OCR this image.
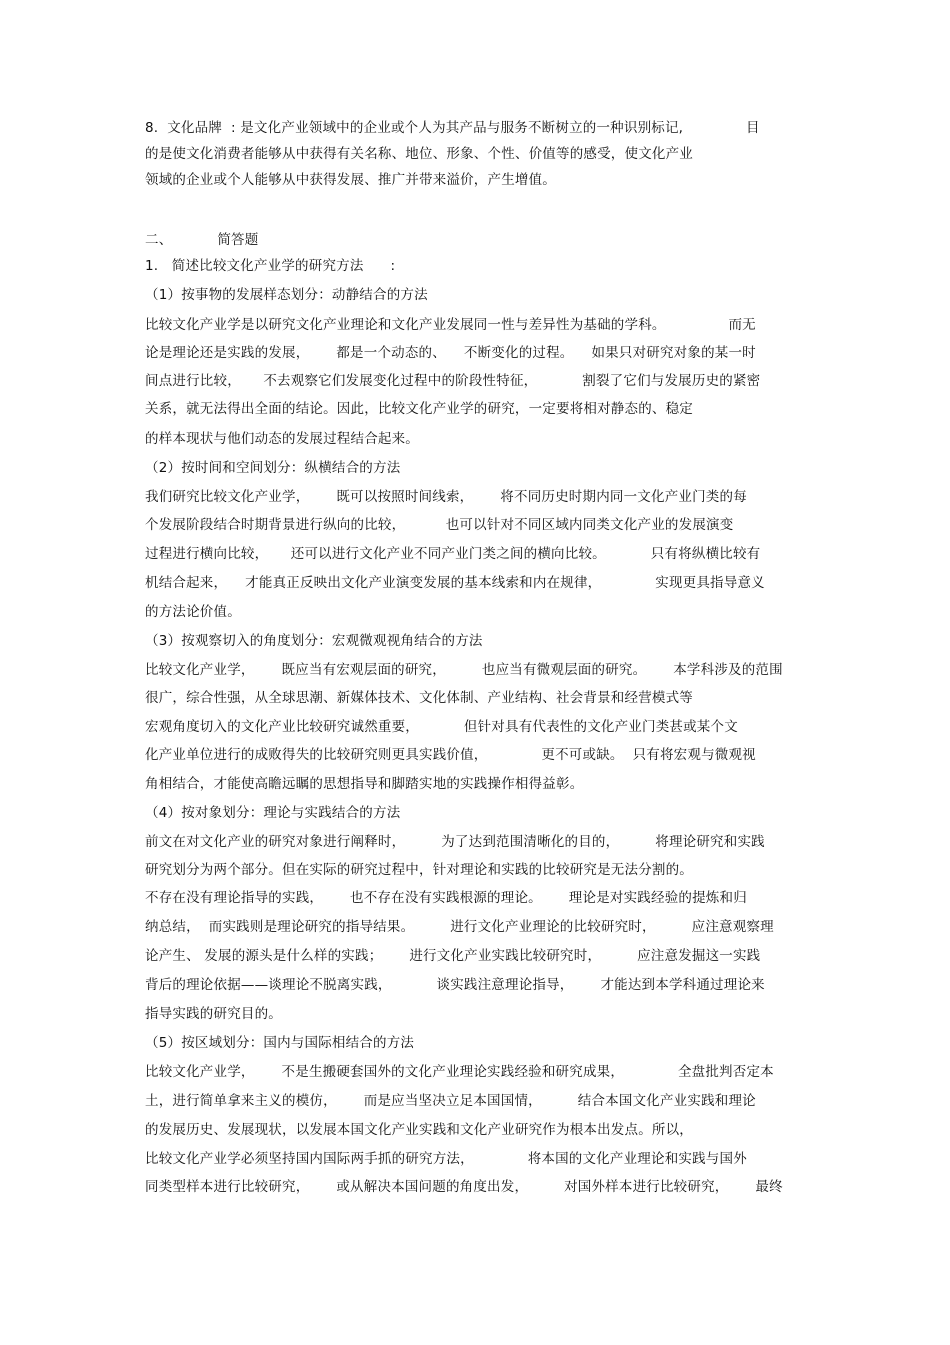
8.  文化品牌  : 是文化产业领域中的企业或个人为其产品与服务不断树立的一种识别标记,              目

的是使文化消费者能够从中获得有关名称、地位、形象、个性、价值等的感受，使文化产业

领域的企业或个人能够从中获得发展、推广并带来溢价，产生增值。

二、          简答题

1.   简述比较文化产业学的研究方法      :

（1）按事物的发展样态划分：动静结合的方法

比较文化产业学是以研究文化产业理论和文化产业发展同一性与差异性为基础的学科。              而无

论是理论还是实践的发展，      都是一个动态的、    不断变化的过程。    如果只对研究对象的某一时

间点进行比较，     不去观察它们发展变化过程中的阶段性特征，          割裂了它们与发展历史的紧密

关系，就无法得出全面的结论。因此，比较文化产业学的研究，一定要将相对静态的、稳定

的样本现状与他们动态的发展过程结合起来。

（2）按时间和空间划分：纵横结合的方法

我们研究比较文化产业学，      既可以按照时间线索，      将不同历史时期内同一文化产业门类的每

个发展阶段结合时期背景进行纵向的比较，         也可以针对不同区域内同类文化产业的发展演变

过程进行横向比较，     还可以进行文化产业不同产业门类之间的横向比较。          只有将纵横比较有

机结合起来，    才能真正反映出文化产业演变发展的基本线索和内在规律，            实现更具指导意义

的方法论价值。

（3）按观察切入的角度划分：宏观微观视角结合的方法

比较文化产业学，      既应当有宏观层面的研究，        也应当有微观层面的研究。      本学科涉及的范围

很广，综合性强，从全球思潮、新媒体技术、文化体制、产业结构、社会背景和经营模式等

宏观角度切入的文化产业比较研究诚然重要，          但针对具有代表性的文化产业门类甚或某个文

化产业单位进行的成败得失的比较研究则更具实践价值，            更不可或缺。  只有将宏观与微观视

角相结合，才能使高瞻远瞩的思想指导和脚踏实地的实践操作相得益彰。

（4）按对象划分：理论与实践结合的方法

前文在对文化产业的研究对象进行阐释时，        为了达到范围清晰化的目的，        将理论研究和实践

研究划分为两个部分。但在实际的研究过程中，针对理论和实践的比较研究是无法分割的。

不存在没有理论指导的实践，      也不存在没有实践根源的理论。      理论是对实践经验的提炼和归

纳总结，  而实践则是理论研究的指导结果。        进行文化产业理论的比较研究时，        应注意观察理

论产生、 发展的源头是什么样的实践；      进行文化产业实践比较研究时，        应注意发掘这一实践

背后的理论依据——谈理论不脱离实践，          谈实践注意理论指导，      才能达到本学科通过理论来

指导实践的研究目的。

（5）按区域划分：国内与国际相结合的方法

比较文化产业学，      不是生搬硬套国外的文化产业理论实践经验和研究成果，            全盘批判否定本

土，进行简单拿来主义的模仿，      而是应当坚决立足本国国情，        结合本国文化产业实践和理论

的发展历史、发展现状，以发展本国文化产业实践和文化产业研究作为根本出发点。所以，

比较文化产业学必须坚持国内国际两手抓的研究方法，            将本国的文化产业理论和实践与国外

同类型样本进行比较研究，      或从解决本国问题的角度出发，        对国外样本进行比较研究，      最终
